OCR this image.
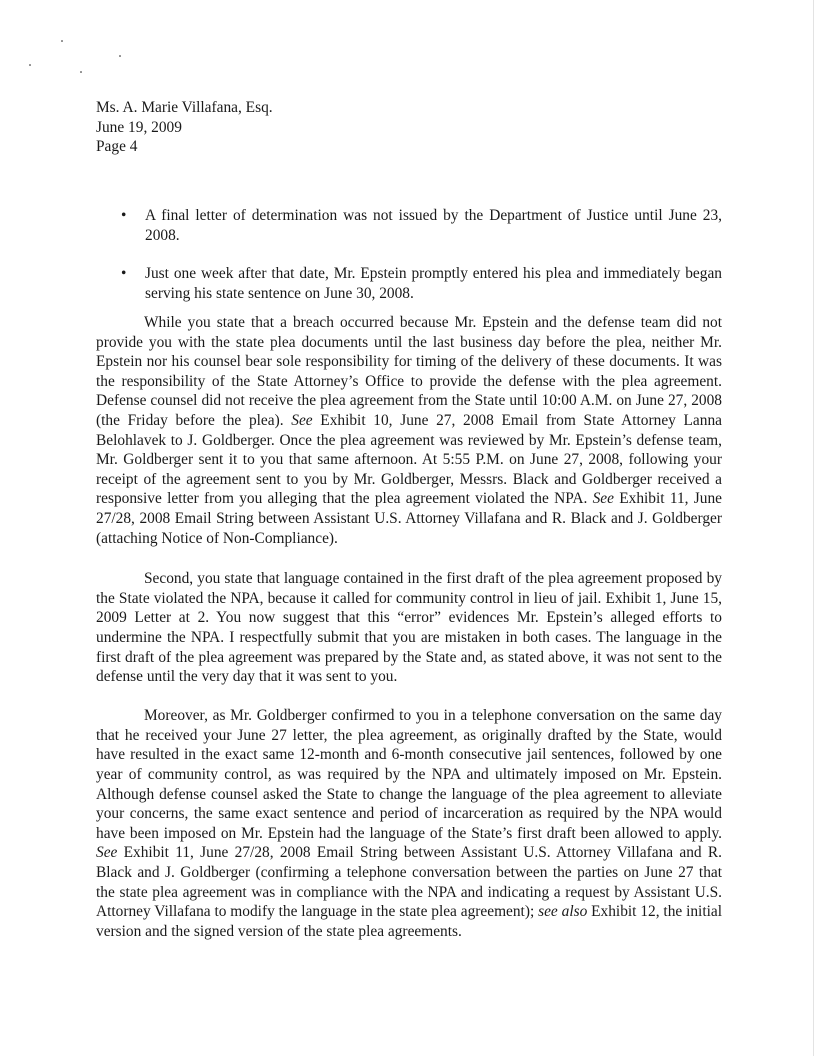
Ms. A. Marie Villafana, Esq.
June 19, 2009
Page 4
• A final letter of determination was not issued by the Department of Justice until June 23, 2008.
• Just one week after that date, Mr. Epstein promptly entered his plea and immediately began serving his state sentence on June 30, 2008.

While you state that a breach occurred because Mr. Epstein and the defense team did not provide you with the state plea documents until the last business day before the plea, neither Mr. Epstein nor his counsel bear sole responsibility for timing of the delivery of these documents. It was the responsibility of the State Attorney’s Office to provide the defense with the plea agreement. Defense counsel did not receive the plea agreement from the State until 10:00 A.M. on June 27, 2008 (the Friday before the plea). See Exhibit 10, June 27, 2008 Email from State Attorney Lanna Belohlavek to J. Goldberger. Once the plea agreement was reviewed by Mr. Epstein’s defense team, Mr. Goldberger sent it to you that same afternoon. At 5:55 P.M. on June 27, 2008, following your receipt of the agreement sent to you by Mr. Goldberger, Messrs. Black and Goldberger received a responsive letter from you alleging that the plea agreement violated the NPA. See Exhibit 11, June 27/28, 2008 Email String between Assistant U.S. Attorney Villafana and R. Black and J. Goldberger (attaching Notice of Non-Compliance).

Second, you state that language contained in the first draft of the plea agreement proposed by the State violated the NPA, because it called for community control in lieu of jail. Exhibit 1, June 15, 2009 Letter at 2. You now suggest that this “error” evidences Mr. Epstein’s alleged efforts to undermine the NPA. I respectfully submit that you are mistaken in both cases. The language in the first draft of the plea agreement was prepared by the State and, as stated above, it was not sent to the defense until the very day that it was sent to you.

Moreover, as Mr. Goldberger confirmed to you in a telephone conversation on the same day that he received your June 27 letter, the plea agreement, as originally drafted by the State, would have resulted in the exact same 12-month and 6-month consecutive jail sentences, followed by one year of community control, as was required by the NPA and ultimately imposed on Mr. Epstein. Although defense counsel asked the State to change the language of the plea agreement to alleviate your concerns, the same exact sentence and period of incarceration as required by the NPA would have been imposed on Mr. Epstein had the language of the State’s first draft been allowed to apply. See Exhibit 11, June 27/28, 2008 Email String between Assistant U.S. Attorney Villafana and R. Black and J. Goldberger (confirming a telephone conversation between the parties on June 27 that the state plea agreement was in compliance with the NPA and indicating a request by Assistant U.S. Attorney Villafana to modify the language in the state plea agreement); see also Exhibit 12, the initial version and the signed version of the state plea agreements.
